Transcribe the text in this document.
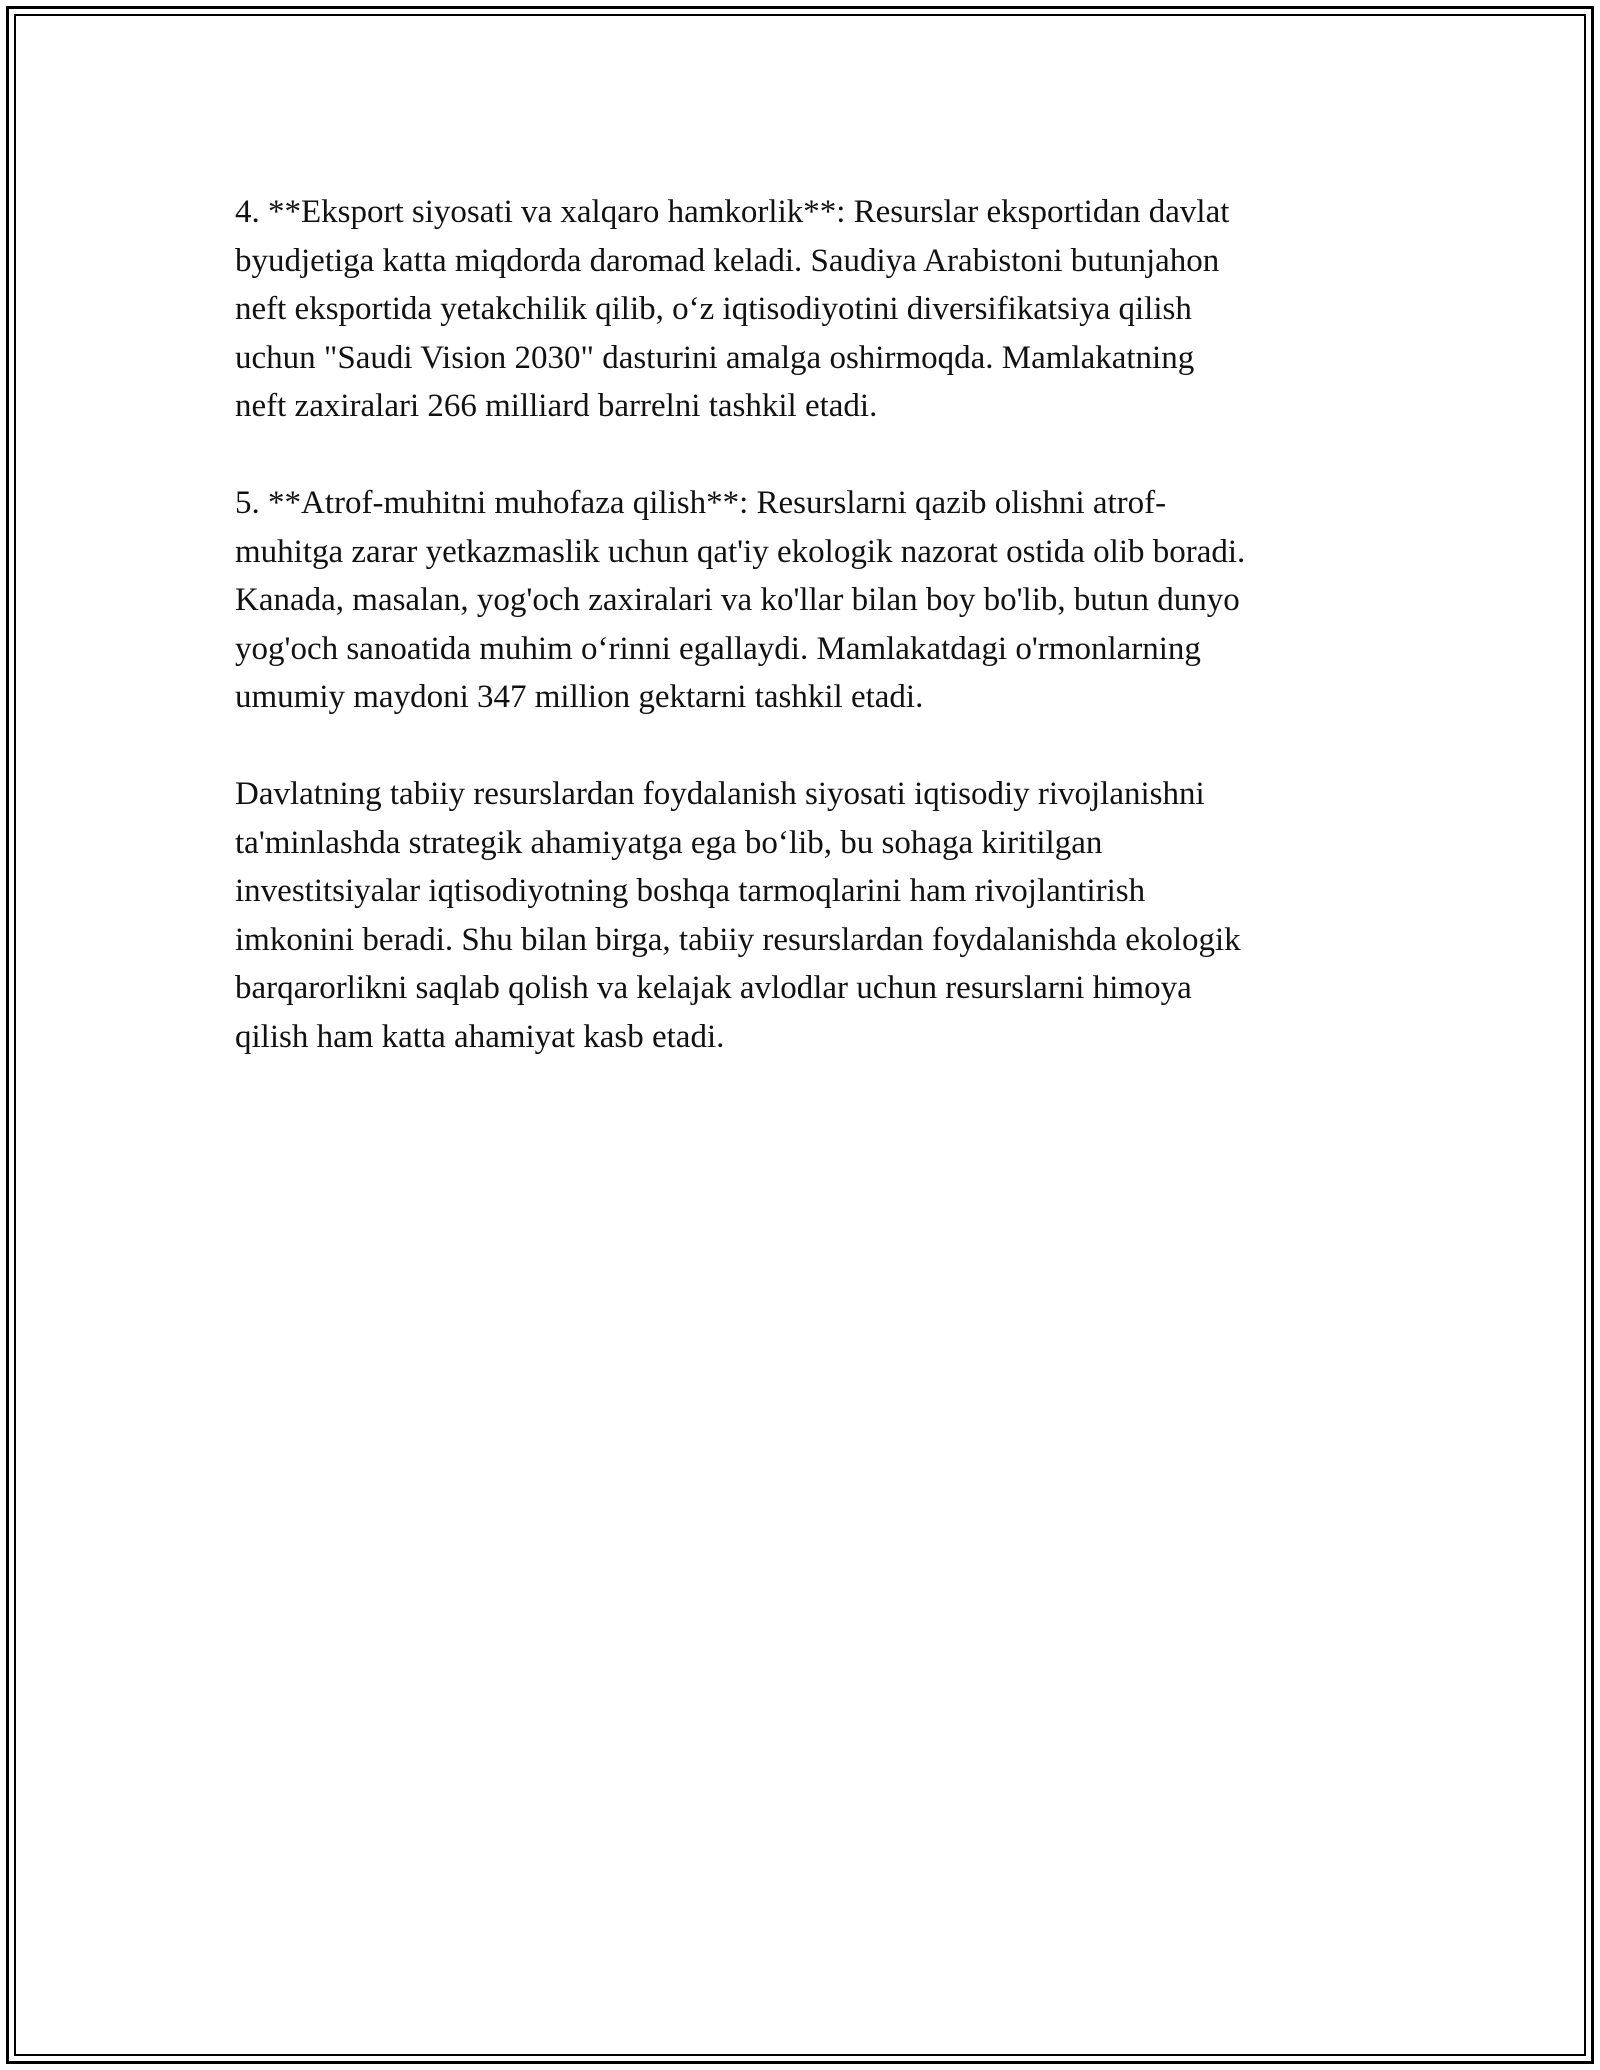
4. **Eksport siyosati va xalqaro hamkorlik**: Resurslar eksportidan davlat
byudjetiga katta miqdorda daromad keladi. Saudiya Arabistoni butunjahon
neft eksportida yetakchilik qilib, o‘z iqtisodiyotini diversifikatsiya qilish
uchun "Saudi Vision 2030" dasturini amalga oshirmoqda. Mamlakatning
neft zaxiralari 266 milliard barrelni tashkil etadi.

5. **Atrof-muhitni muhofaza qilish**: Resurslarni qazib olishni atrof-
muhitga zarar yetkazmaslik uchun qat'iy ekologik nazorat ostida olib boradi.
Kanada, masalan, yog'och zaxiralari va ko'llar bilan boy bo'lib, butun dunyo
yog'och sanoatida muhim o‘rinni egallaydi. Mamlakatdagi o'rmonlarning
umumiy maydoni 347 million gektarni tashkil etadi.

Davlatning tabiiy resurslardan foydalanish siyosati iqtisodiy rivojlanishni
ta'minlashda strategik ahamiyatga ega bo‘lib, bu sohaga kiritilgan
investitsiyalar iqtisodiyotning boshqa tarmoqlarini ham rivojlantirish
imkonini beradi. Shu bilan birga, tabiiy resurslardan foydalanishda ekologik
barqarorlikni saqlab qolish va kelajak avlodlar uchun resurslarni himoya
qilish ham katta ahamiyat kasb etadi.
